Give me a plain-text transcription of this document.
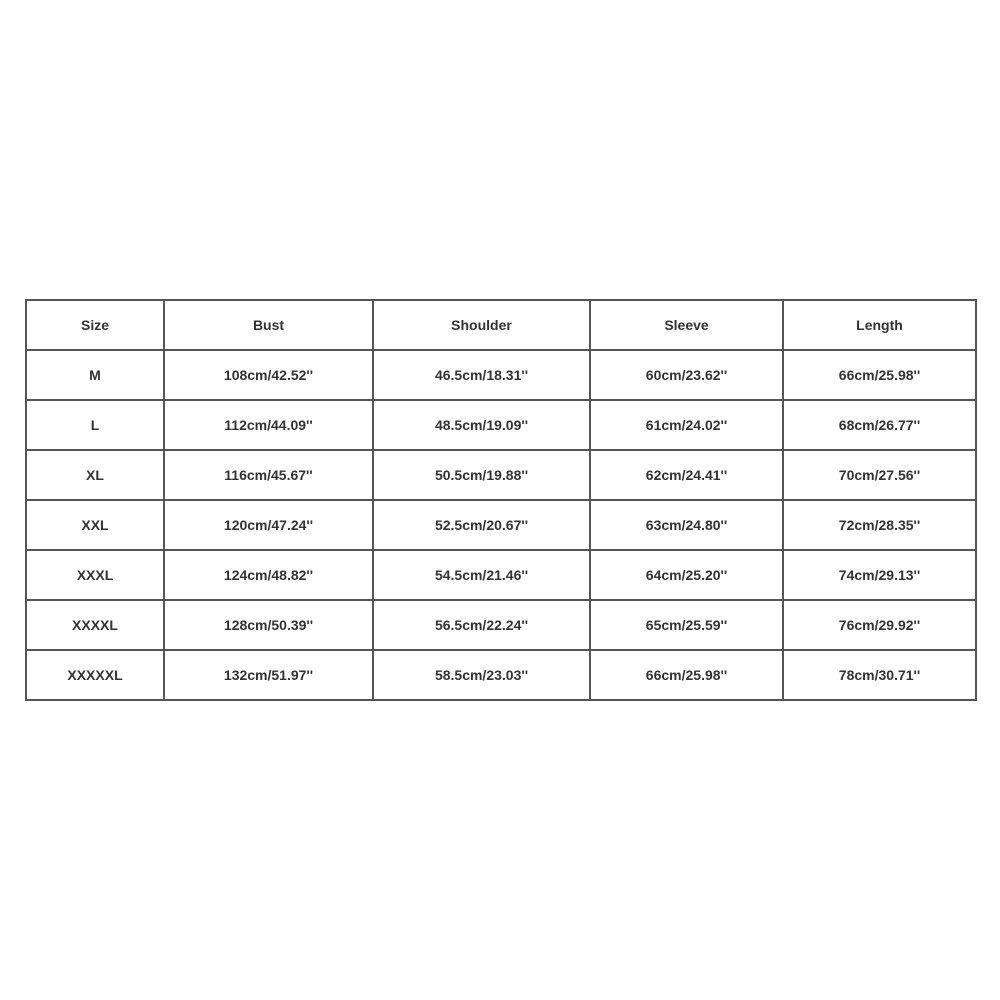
Size	Bust	Shoulder	Sleeve	Length
M	108cm/42.52''	46.5cm/18.31''	60cm/23.62''	66cm/25.98''
L	112cm/44.09''	48.5cm/19.09''	61cm/24.02''	68cm/26.77''
XL	116cm/45.67''	50.5cm/19.88''	62cm/24.41''	70cm/27.56''
XXL	120cm/47.24''	52.5cm/20.67''	63cm/24.80''	72cm/28.35''
XXXL	124cm/48.82''	54.5cm/21.46''	64cm/25.20''	74cm/29.13''
XXXXL	128cm/50.39''	56.5cm/22.24''	65cm/25.59''	76cm/29.92''
XXXXXL	132cm/51.97''	58.5cm/23.03''	66cm/25.98''	78cm/30.71''
